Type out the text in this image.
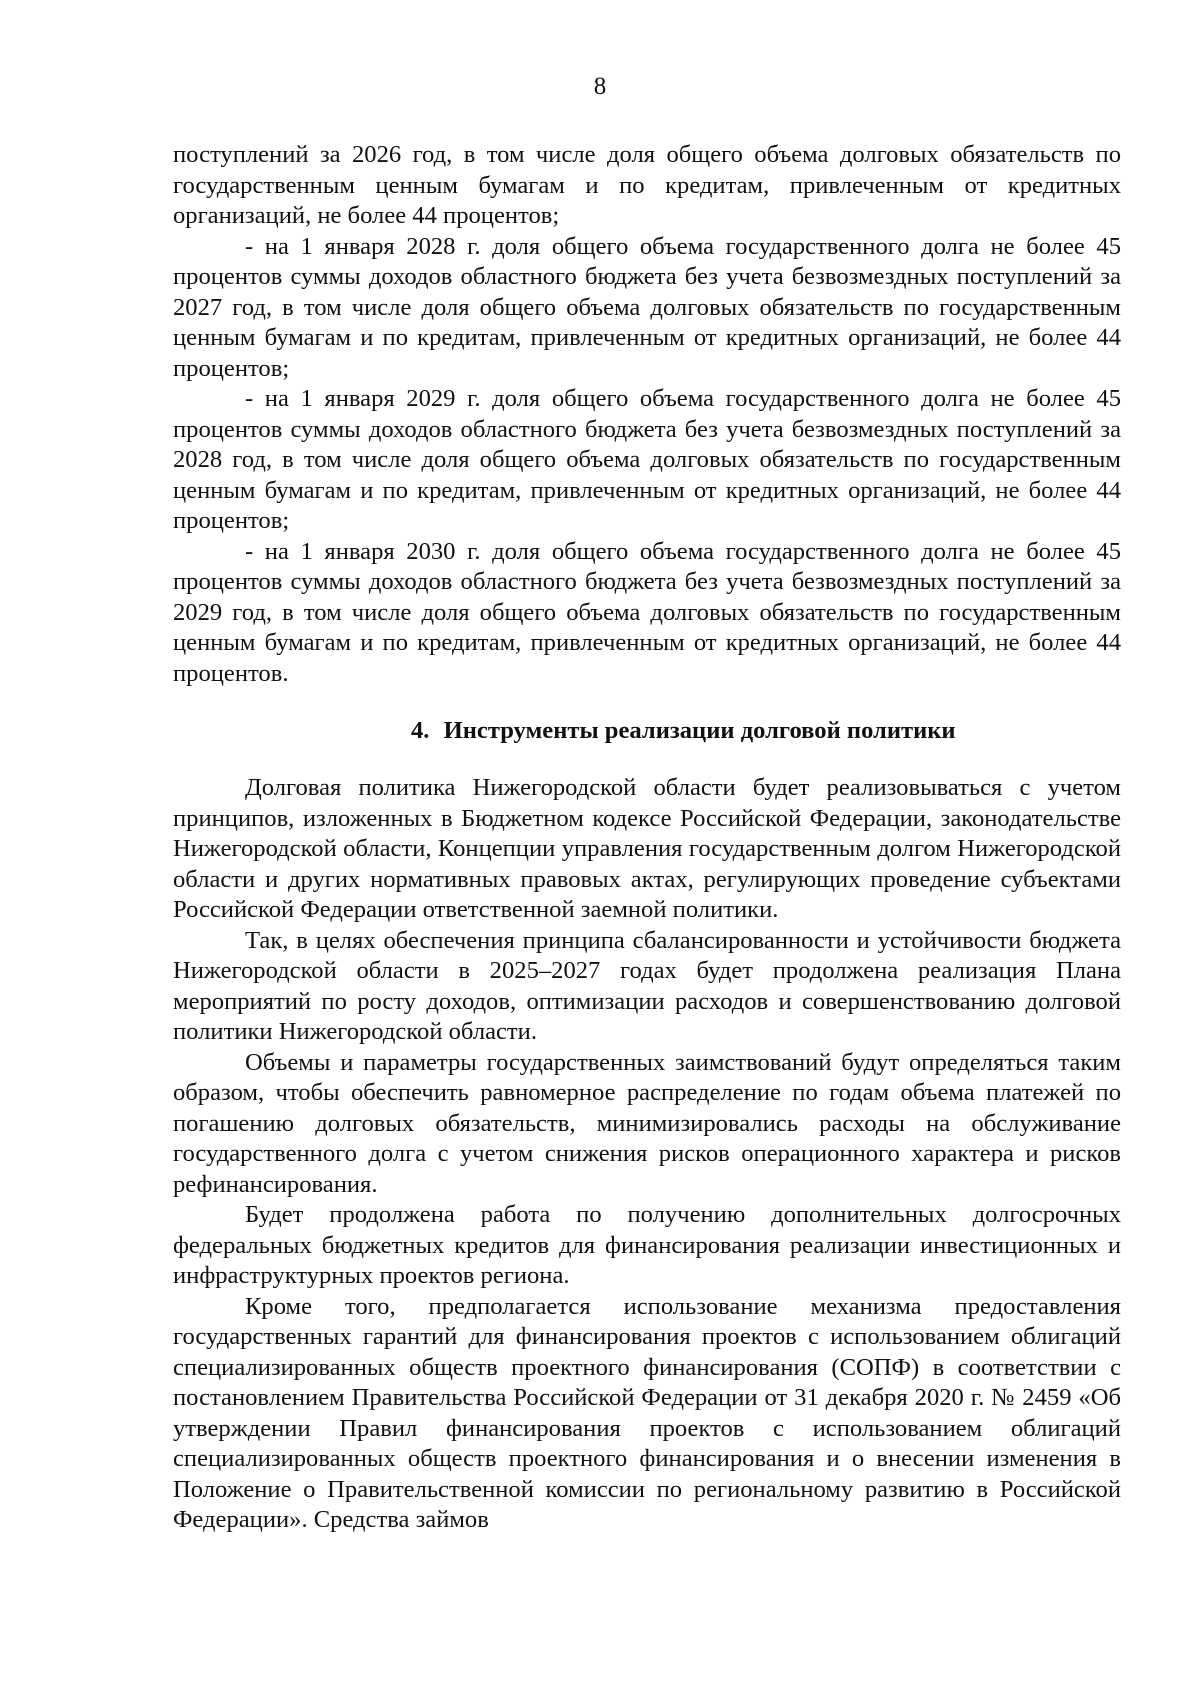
8

поступлений за 2026 год, в том числе доля общего объема долговых обязательств по государственным ценным бумагам и по кредитам, привлеченным от кредитных организаций, не более 44 процентов;

- на 1 января 2028 г. доля общего объема государственного долга не более 45 процентов суммы доходов областного бюджета без учета безвозмездных поступлений за 2027 год, в том числе доля общего объема долговых обязательств по государственным ценным бумагам и по кредитам, привлеченным от кредитных организаций, не более 44 процентов;

- на 1 января 2029 г. доля общего объема государственного долга не более 45 процентов суммы доходов областного бюджета без учета безвозмездных поступлений за 2028 год, в том числе доля общего объема долговых обязательств по государственным ценным бумагам и по кредитам, привлеченным от кредитных организаций, не более 44 процентов;

- на 1 января 2030 г. доля общего объема государственного долга не более 45 процентов суммы доходов областного бюджета без учета безвозмездных поступлений за 2029 год, в том числе доля общего объема долговых обязательств по государственным ценным бумагам и по кредитам, привлеченным от кредитных организаций, не более 44 процентов.

4. Инструменты реализации долговой политики

Долговая политика Нижегородской области будет реализовываться с учетом принципов, изложенных в Бюджетном кодексе Российской Федерации, законодательстве Нижегородской области, Концепции управления государственным долгом Нижегородской области и других нормативных правовых актах, регулирующих проведение субъектами Российской Федерации ответственной заемной политики.

Так, в целях обеспечения принципа сбалансированности и устойчивости бюджета Нижегородской области в 2025–2027 годах будет продолжена реализация Плана мероприятий по росту доходов, оптимизации расходов и совершенствованию долговой политики Нижегородской области.

Объемы и параметры государственных заимствований будут определяться таким образом, чтобы обеспечить равномерное распределение по годам объема платежей по погашению долговых обязательств, минимизировались расходы на обслуживание государственного долга с учетом снижения рисков операционного характера и рисков рефинансирования.

Будет продолжена работа по получению дополнительных долгосрочных федеральных бюджетных кредитов для финансирования реализации инвестиционных и инфраструктурных проектов региона.

Кроме того, предполагается использование механизма предоставления государственных гарантий для финансирования проектов с использованием облигаций специализированных обществ проектного финансирования (СОПФ) в соответствии с постановлением Правительства Российской Федерации от 31 декабря 2020 г. № 2459 «Об утверждении Правил финансирования проектов с использованием облигаций специализированных обществ проектного финансирования и о внесении изменения в Положение о Правительственной комиссии по региональному развитию в Российской Федерации». Средства займов
